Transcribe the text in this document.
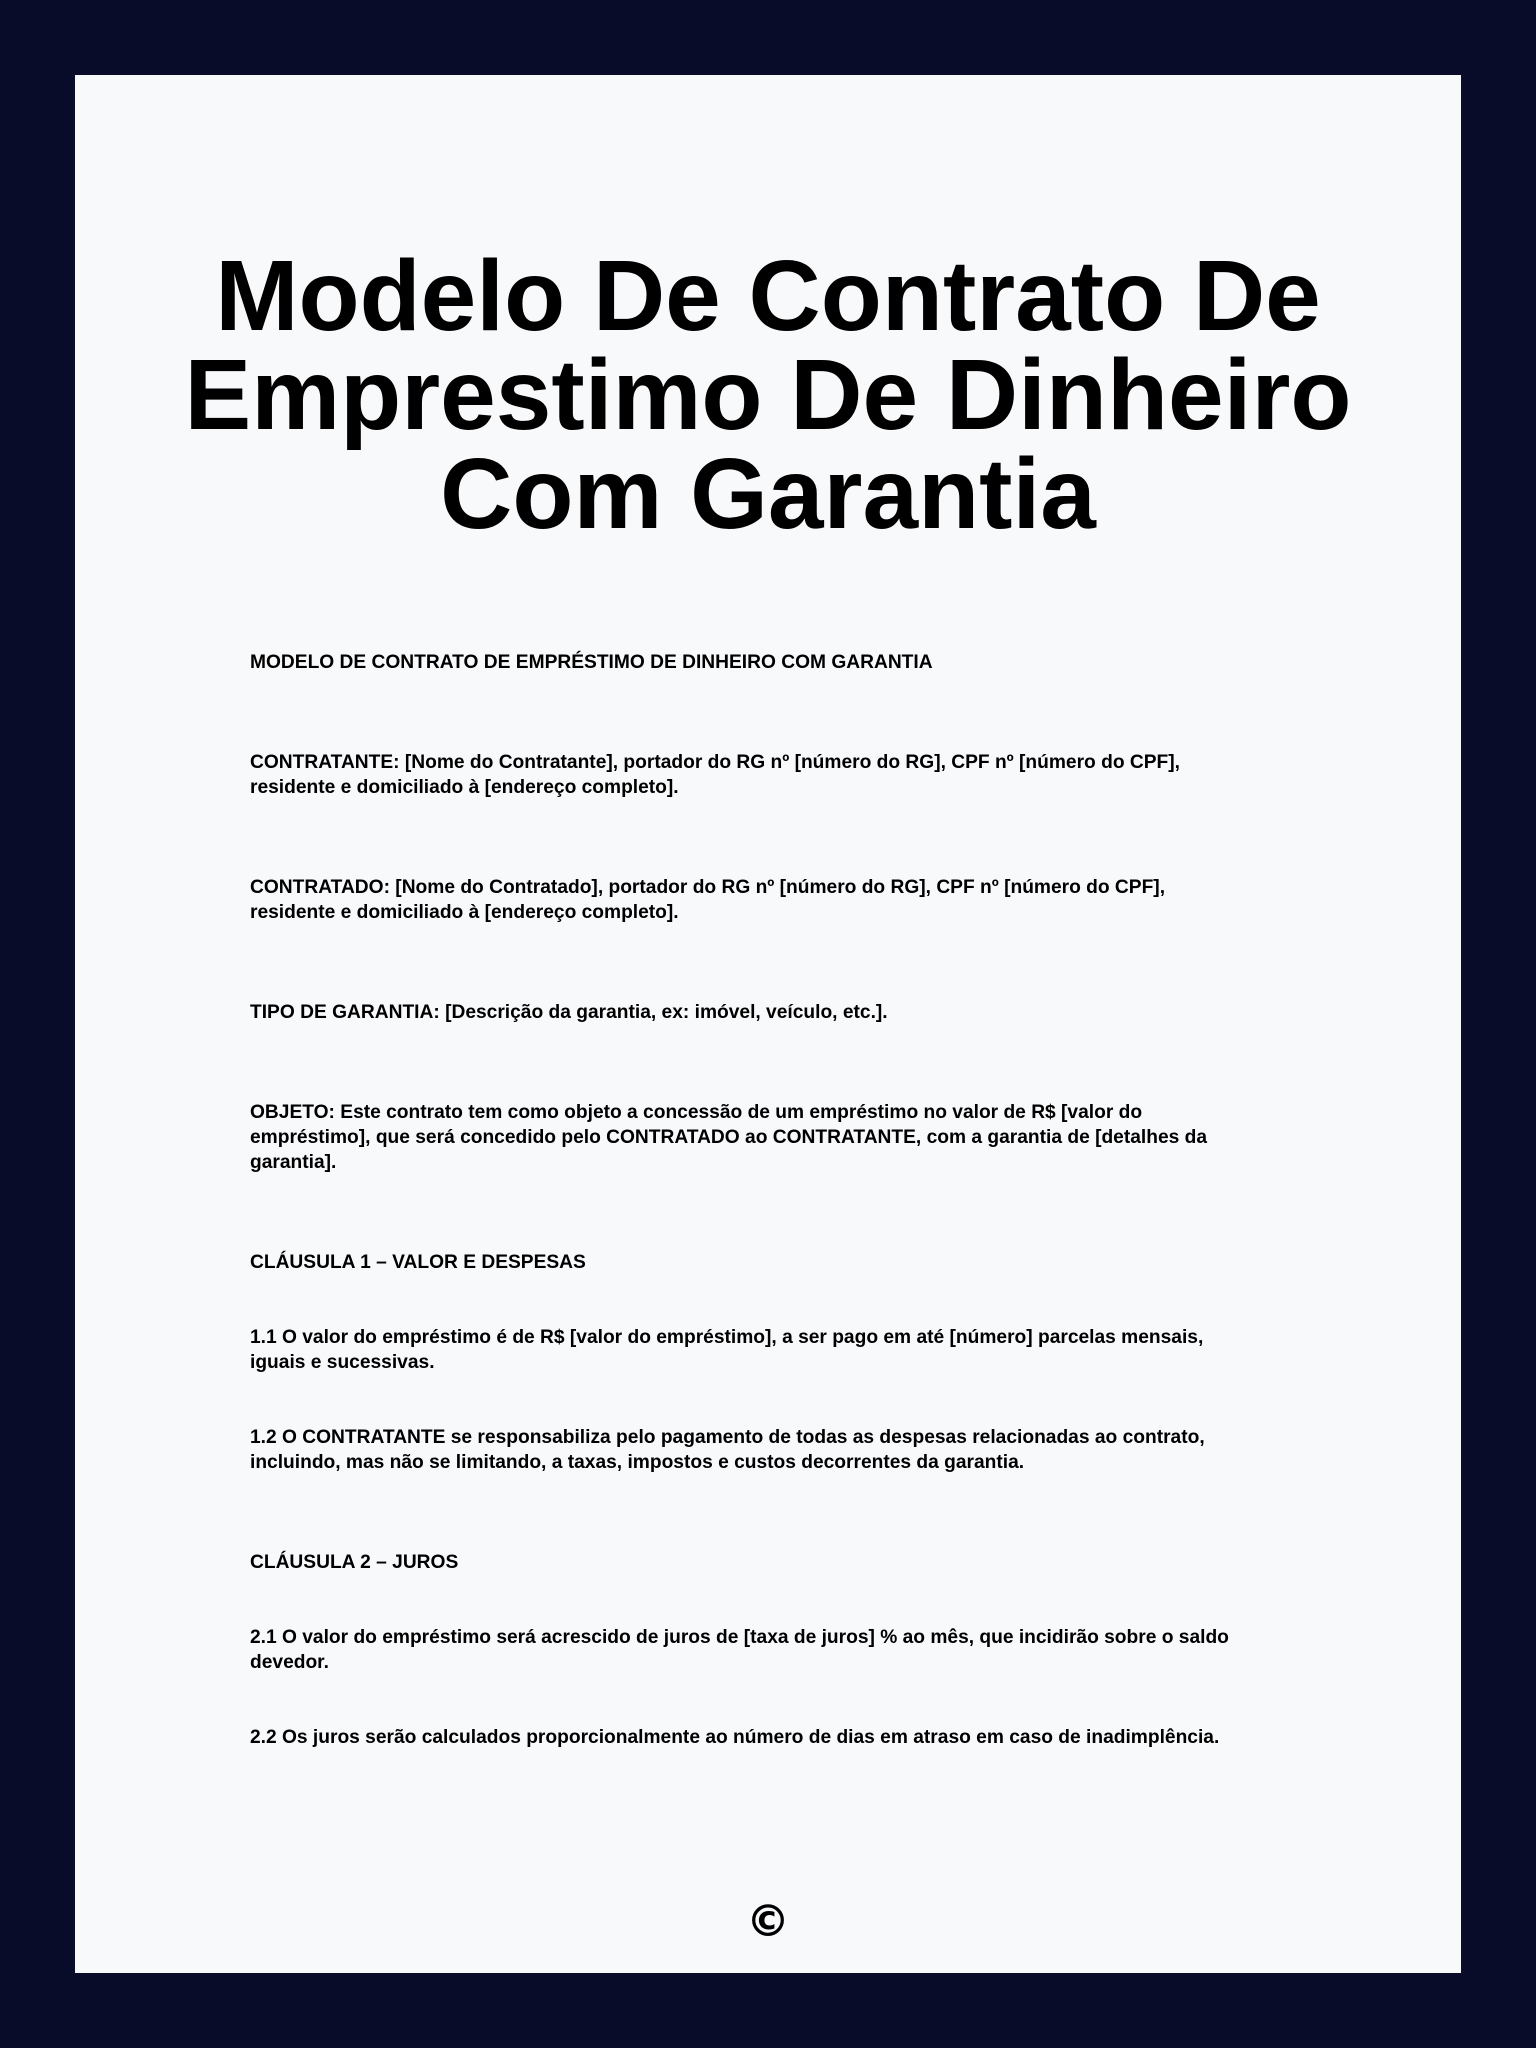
Modelo De Contrato De
Emprestimo De Dinheiro
Com Garantia

MODELO DE CONTRATO DE EMPRÉSTIMO DE DINHEIRO COM GARANTIA

CONTRATANTE: [Nome do Contratante], portador do RG nº [número do RG], CPF nº [número do CPF],
residente e domiciliado à [endereço completo].

CONTRATADO: [Nome do Contratado], portador do RG nº [número do RG], CPF nº [número do CPF],
residente e domiciliado à [endereço completo].

TIPO DE GARANTIA: [Descrição da garantia, ex: imóvel, veículo, etc.].

OBJETO: Este contrato tem como objeto a concessão de um empréstimo no valor de R$ [valor do
empréstimo], que será concedido pelo CONTRATADO ao CONTRATANTE, com a garantia de [detalhes da
garantia].

CLÁUSULA 1 – VALOR E DESPESAS

1.1 O valor do empréstimo é de R$ [valor do empréstimo], a ser pago em até [número] parcelas mensais,
iguais e sucessivas.

1.2 O CONTRATANTE se responsabiliza pelo pagamento de todas as despesas relacionadas ao contrato,
incluindo, mas não se limitando, a taxas, impostos e custos decorrentes da garantia.

CLÁUSULA 2 – JUROS

2.1 O valor do empréstimo será acrescido de juros de [taxa de juros] % ao mês, que incidirão sobre o saldo
devedor.

2.2 Os juros serão calculados proporcionalmente ao número de dias em atraso em caso de inadimplência.

©
